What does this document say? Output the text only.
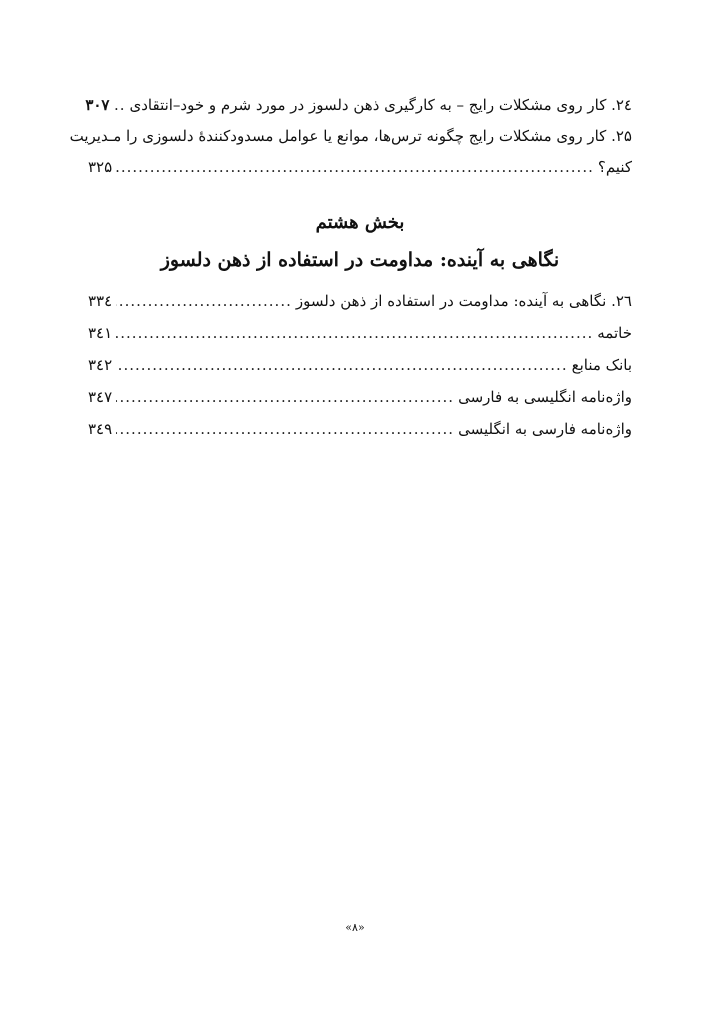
۲٤. کار روی مشکلات رایج – به کارگیری ذهن دلسوز در مورد شرم و خود–انتقادی
.....
۳۰۷
۲۵. کار روی مشکلات رایج چگونه ترس‌ها، موانع یا عوامل مسدودکنندۀ دلسوزی را مـدیریت
کنیم؟
.....
۳۲۵
بخش هشتم
نگاهی به آینده: مداومت در استفاده از ذهن دلسوز
۲٦. نگاهی به آینده: مداومت در استفاده از ذهن دلسوز
.....
۳۳٤
خاتمه
.....
۳٤۱
بانک منابع
.....
۳٤۲
واژه‌نامه انگلیسی به فارسی
.....
۳٤۷
واژه‌نامه فارسی به انگلیسی
.....
۳٤۹
«۸»
